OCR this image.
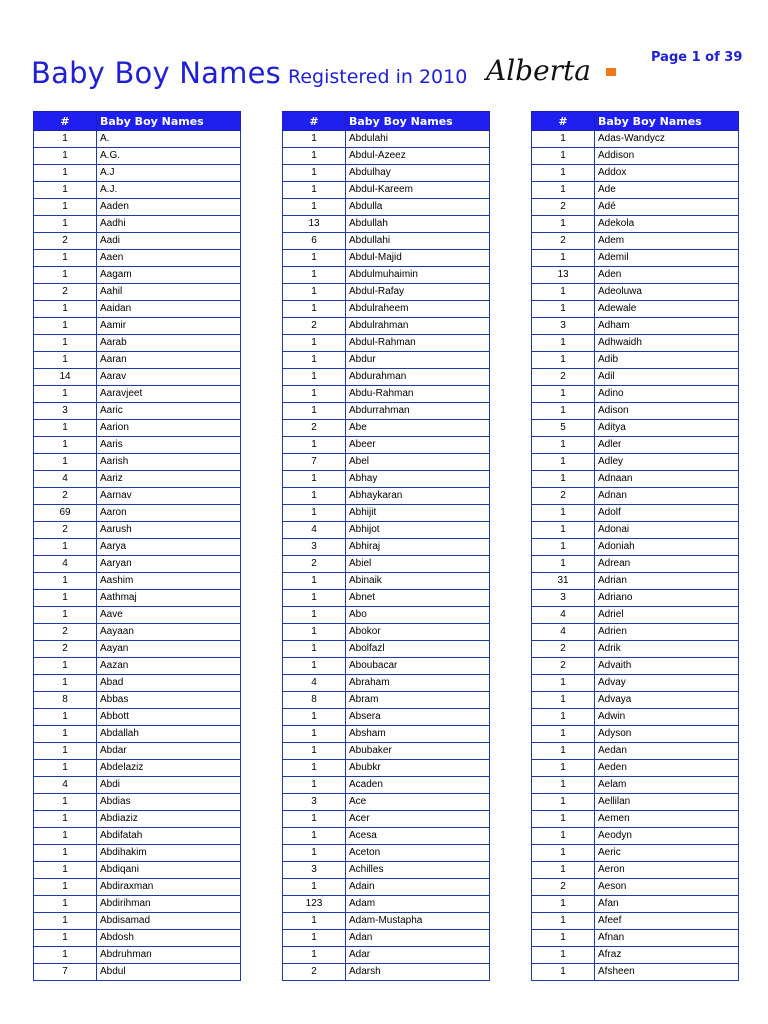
Baby Boy Names Registered in 2010 Alberta	Page 1 of 39
#	Baby Boy Names
1	A.
1	A.G.
1	A.J
1	A.J.
1	Aaden
1	Aadhi
2	Aadi
1	Aaen
1	Aagam
2	Aahil
1	Aaidan
1	Aamir
1	Aarab
1	Aaran
14	Aarav
1	Aaravjeet
3	Aaric
1	Aarion
1	Aaris
1	Aarish
4	Aariz
2	Aarnav
69	Aaron
2	Aarush
1	Aarya
4	Aaryan
1	Aashim
1	Aathmaj
1	Aave
2	Aayaan
2	Aayan
1	Aazan
1	Abad
8	Abbas
1	Abbott
1	Abdallah
1	Abdar
1	Abdelaziz
4	Abdi
1	Abdias
1	Abdiaziz
1	Abdifatah
1	Abdihakim
1	Abdiqani
1	Abdiraxman
1	Abdirihman
1	Abdisamad
1	Abdosh
1	Abdruhman
7	Abdul
#	Baby Boy Names
1	Abdulahi
1	Abdul-Azeez
1	Abdulhay
1	Abdul-Kareem
1	Abdulla
13	Abdullah
6	Abdullahi
1	Abdul-Majid
1	Abdulmuhaimin
1	Abdul-Rafay
1	Abdulraheem
2	Abdulrahman
1	Abdul-Rahman
1	Abdur
1	Abdurahman
1	Abdu-Rahman
1	Abdurrahman
2	Abe
1	Abeer
7	Abel
1	Abhay
1	Abhaykaran
1	Abhijit
4	Abhijot
3	Abhiraj
2	Abiel
1	Abinaik
1	Abnet
1	Abo
1	Abokor
1	Abolfazl
1	Aboubacar
4	Abraham
8	Abram
1	Absera
1	Absham
1	Abubaker
1	Abubkr
1	Acaden
3	Ace
1	Acer
1	Acesa
1	Aceton
3	Achilles
1	Adain
123	Adam
1	Adam-Mustapha
1	Adan
1	Adar
2	Adarsh
#	Baby Boy Names
1	Adas-Wandycz
1	Addison
1	Addox
1	Ade
2	Adé
1	Adekola
2	Adem
1	Ademil
13	Aden
1	Adeoluwa
1	Adewale
3	Adham
1	Adhwaidh
1	Adib
2	Adil
1	Adino
1	Adison
5	Aditya
1	Adler
1	Adley
1	Adnaan
2	Adnan
1	Adolf
1	Adonai
1	Adoniah
1	Adrean
31	Adrian
3	Adriano
4	Adriel
4	Adrien
2	Adrik
2	Advaith
1	Advay
1	Advaya
1	Adwin
1	Adyson
1	Aedan
1	Aeden
1	Aelam
1	Aellilan
1	Aemen
1	Aeodyn
1	Aeric
1	Aeron
2	Aeson
1	Afan
1	Afeef
1	Afnan
1	Afraz
1	Afsheen
